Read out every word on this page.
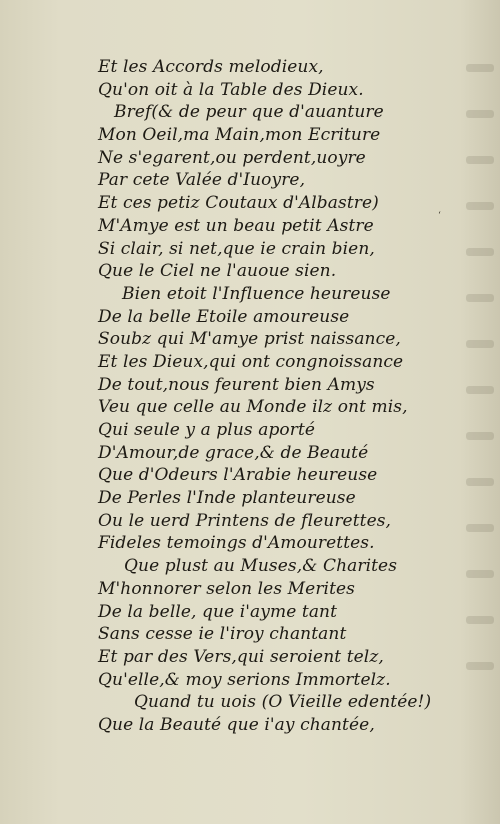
Et les Accords melodieux,
Qu'on oit à la Table des Dieux.
Bref(& de peur que d'auanture
Mon Oeil,ma Main,mon Ecriture
Ne s'egarent,ou perdent,uoyre
Par cete Valée d'Iuoyre,
Et ces petiz Coutaux d'Albastre)
M'Amye est un beau petit Astre
Si clair, si net,que ie crain bien,
Que le Ciel ne l'auoue sien.
Bien etoit l'Influence heureuse
De la belle Etoile amoureuse
Soubz qui M'amye prist naissance,
Et les Dieux,qui ont congnoissance
De tout,nous feurent bien Amys
Veu que celle au Monde ilz ont mis,
Qui seule y a plus aporté
D'Amour,de grace,& de Beauté
Que d'Odeurs l'Arabie heureuse
De Perles l'Inde planteureuse
Ou le uerd Printens de fleurettes,
Fideles temoings d'Amourettes.
Que plust au Muses,& Charites
M'honnorer selon les Merites
De la belle, que i'ayme tant
Sans cesse ie l'iroy chantant
Et par des Vers,qui seroient telz,
Qu'elle,& moy serions Immortelz.
Quand tu uois (O Vieille edentée!)
Que la Beauté que i'ay chantée,
‘
